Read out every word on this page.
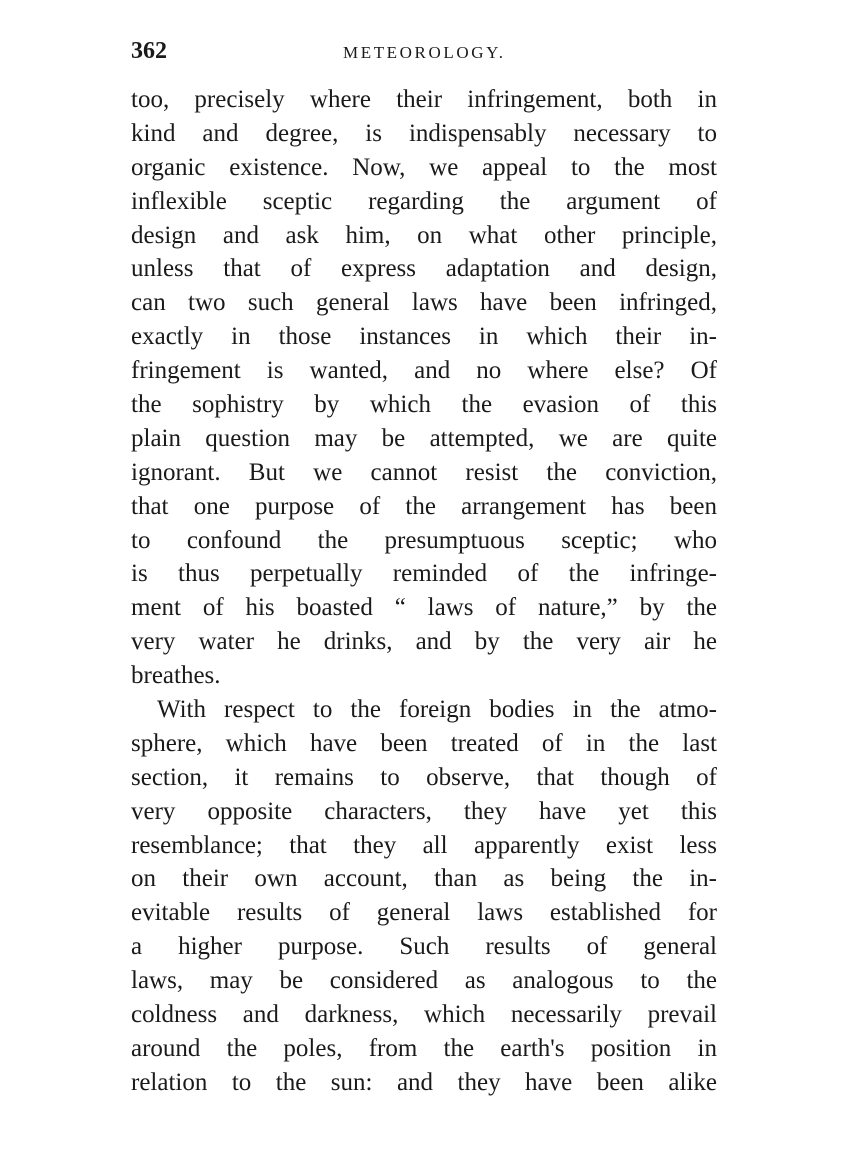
362	METEOROLOGY.
too, precisely where their infringement, both in
kind and degree, is indispensably necessary to
organic existence. Now, we appeal to the most
inflexible sceptic regarding the argument of
design and ask him, on what other principle,
unless that of express adaptation and design,
can two such general laws have been infringed,
exactly in those instances in which their in-
fringement is wanted, and no where else? Of
the sophistry by which the evasion of this
plain question may be attempted, we are quite
ignorant. But we cannot resist the conviction,
that one purpose of the arrangement has been
to confound the presumptuous sceptic; who
is thus perpetually reminded of the infringe-
ment of his boasted “ laws of nature,” by the
very water he drinks, and by the very air he
breathes.
With respect to the foreign bodies in the atmo-
sphere, which have been treated of in the last
section, it remains to observe, that though of
very opposite characters, they have yet this
resemblance; that they all apparently exist less
on their own account, than as being the in-
evitable results of general laws established for
a higher purpose. Such results of general
laws, may be considered as analogous to the
coldness and darkness, which necessarily prevail
around the poles, from the earth's position in
relation to the sun: and they have been alike
